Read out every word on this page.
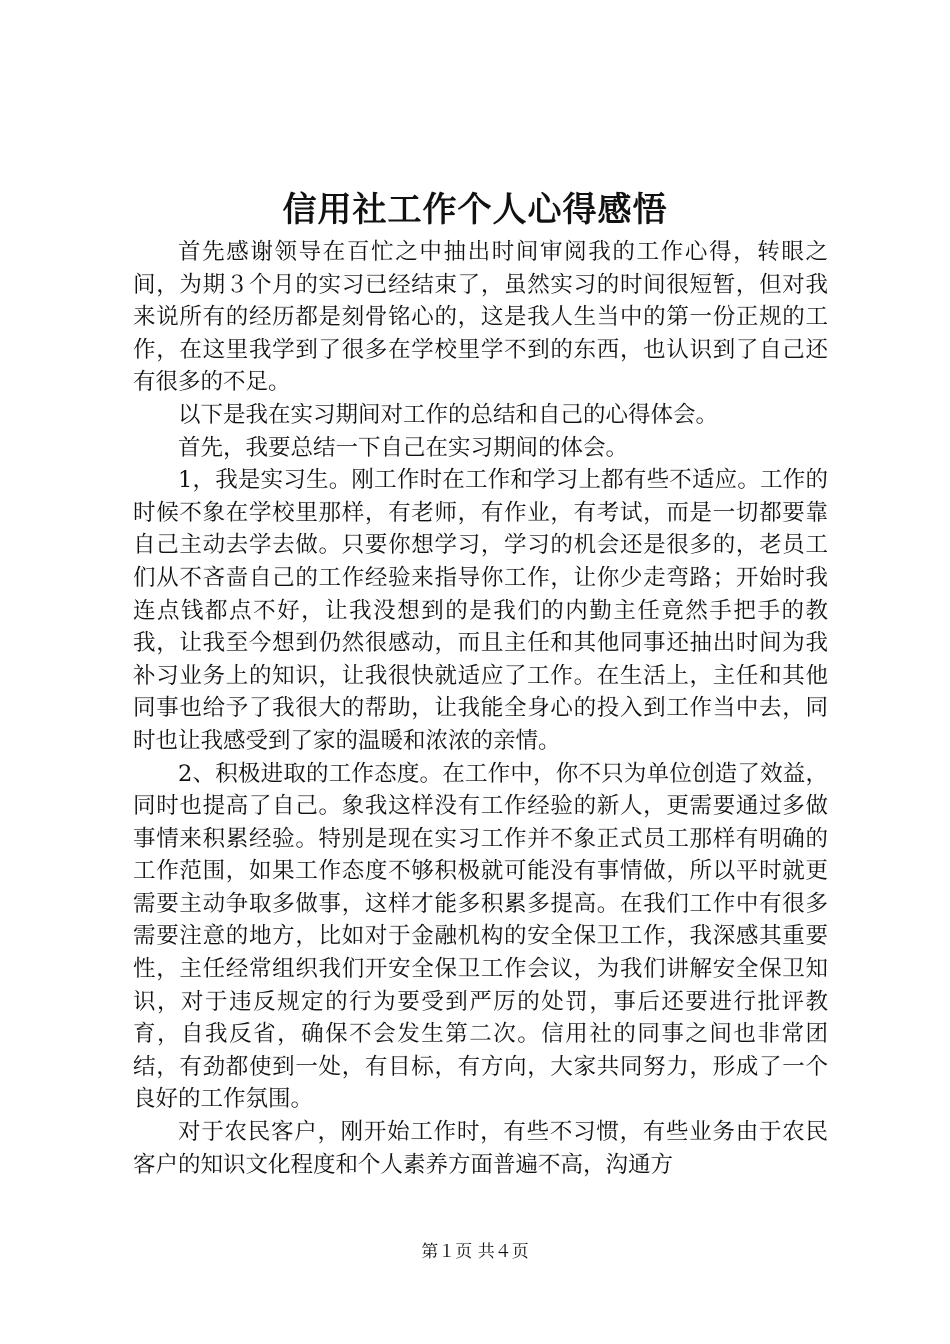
信用社工作个人心得感悟

首先感谢领导在百忙之中抽出时间审阅我的工作心得，转眼之间，为期３个月的实习已经结束了，虽然实习的时间很短暂，但对我来说所有的经历都是刻骨铭心的，这是我人生当中的第一份正规的工作，在这里我学到了很多在学校里学不到的东西，也认识到了自己还有很多的不足。

以下是我在实习期间对工作的总结和自己的心得体会。

首先，我要总结一下自己在实习期间的体会。

1，我是实习生。刚工作时在工作和学习上都有些不适应。工作的时候不象在学校里那样，有老师，有作业，有考试，而是一切都要靠自己主动去学去做。只要你想学习，学习的机会还是很多的，老员工们从不吝啬自己的工作经验来指导你工作，让你少走弯路；开始时我连点钱都点不好，让我没想到的是我们的内勤主任竟然手把手的教我，让我至今想到仍然很感动，而且主任和其他同事还抽出时间为我补习业务上的知识，让我很快就适应了工作。在生活上，主任和其他同事也给予了我很大的帮助，让我能全身心的投入到工作当中去，同时也让我感受到了家的温暖和浓浓的亲情。

2、积极进取的工作态度。在工作中，你不只为单位创造了效益，同时也提高了自己。象我这样没有工作经验的新人，更需要通过多做事情来积累经验。特别是现在实习工作并不象正式员工那样有明确的工作范围，如果工作态度不够积极就可能没有事情做，所以平时就更需要主动争取多做事，这样才能多积累多提高。在我们工作中有很多需要注意的地方，比如对于金融机构的安全保卫工作，我深感其重要性，主任经常组织我们开安全保卫工作会议，为我们讲解安全保卫知识，对于违反规定的行为要受到严厉的处罚，事后还要进行批评教育，自我反省，确保不会发生第二次。信用社的同事之间也非常团结，有劲都使到一处，有目标，有方向，大家共同努力，形成了一个良好的工作氛围。

对于农民客户，刚开始工作时，有些不习惯，有些业务由于农民客户的知识文化程度和个人素养方面普遍不高，沟通方

第１页 共４页
